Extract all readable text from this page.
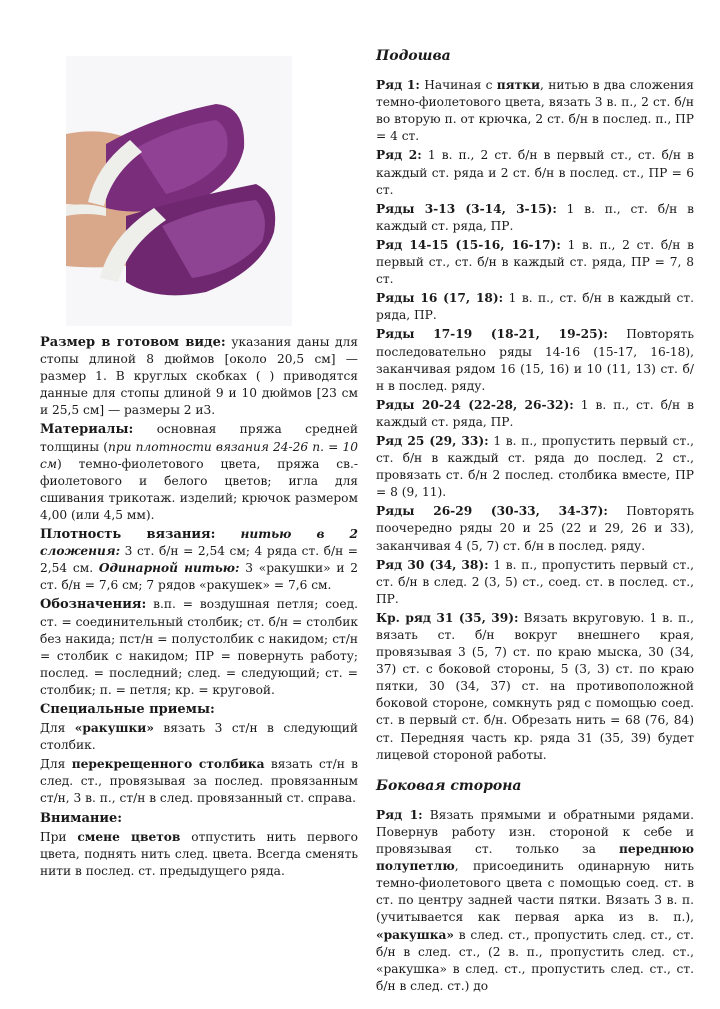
Размер в готовом виде: указания даны для стопы длиной 8 дюймов [около 20,5 см] — размер 1. В круглых скобках ( ) приводятся данные для стопы длиной 9 и 10 дюймов [23 см и 25,5 см] — размеры 2 и3.

Материалы: основная пряжа средней толщины (при плотности вязания 24-26 п. = 10 см) темно-фиолетового цвета, пряжа св.-фиолетового и белого цветов; игла для сшивания трикотаж. изделий; крючок размером 4,00 (или 4,5 мм).

Плотность вязания: нитью в 2 сложения: 3 ст. б/н = 2,54 см; 4 ряда ст. б/н = 2,54 см. Одинарной нитью: 3 «ракушки» и 2 ст. б/н = 7,6 см; 7 рядов «ракушек» = 7,6 см.

Обозначения: в.п. = воздушная петля; соед. ст. = соединительный столбик; ст. б/н = столбик без накида; пст/н = полустолбик с накидом; ст/н = столбик с накидом; ПР = повернуть работу; послед. = последний; след. = следующий; ст. = столбик; п. = петля; кр. = круговой.

Специальные приемы:

Для «ракушки» вязать 3 ст/н в следующий столбик.

Для перекрещенного столбика вязать ст/н в след. ст., провязывая за послед. провязанным ст/н, 3 в. п., ст/н в след. провязанный ст. справа.

Внимание:

При смене цветов отпустить нить первого цвета, поднять нить след. цвета. Всегда сменять нити в послед. ст. предыдущего ряда.

Подошва

Ряд 1: Начиная с пятки, нитью в два сложения темно-фиолетового цвета, вязать 3 в. п., 2 ст. б/н во вторую п. от крючка, 2 ст. б/н в послед. п., ПР = 4 ст.

Ряд 2: 1 в. п., 2 ст. б/н в первый ст., ст. б/н в каждый ст. ряда и 2 ст. б/н в послед. ст., ПР = 6 ст.

Ряды 3-13 (3-14, 3-15): 1 в. п., ст. б/н в каждый ст. ряда, ПР.

Ряд 14-15 (15-16, 16-17): 1 в. п., 2 ст. б/н в первый ст., ст. б/н в каждый ст. ряда, ПР = 7, 8 ст.

Ряды 16 (17, 18): 1 в. п., ст. б/н в каждый ст. ряда, ПР.

Ряды 17-19 (18-21, 19-25): Повторять последовательно ряды 14-16 (15-17, 16-18), заканчивая рядом 16 (15, 16) и 10 (11, 13) ст. б/н в послед. ряду.

Ряды 20-24 (22-28, 26-32): 1 в. п., ст. б/н в каждый ст. ряда, ПР.

Ряд 25 (29, 33): 1 в. п., пропустить первый ст., ст. б/н в каждый ст. ряда до послед. 2 ст., провязать ст. б/н 2 послед. столбика вместе, ПР = 8 (9, 11).

Ряды 26-29 (30-33, 34-37): Повторять поочередно ряды 20 и 25 (22 и 29, 26 и 33), заканчивая 4 (5, 7) ст. б/н в послед. ряду.

Ряд 30 (34, 38): 1 в. п., пропустить первый ст., ст. б/н в след. 2 (3, 5) ст., соед. ст. в послед. ст., ПР.

Кр. ряд 31 (35, 39): Вязать вкруговую. 1 в. п., вязать ст. б/н вокруг внешнего края, провязывая 3 (5, 7) ст. по краю мыска, 30 (34, 37) ст. с боковой стороны, 5 (3, 3) ст. по краю пятки, 30 (34, 37) ст. на противоположной боковой стороне, сомкнуть ряд с помощью соед. ст. в первый ст. б/н. Обрезать нить = 68 (76, 84) ст. Передняя часть кр. ряда 31 (35, 39) будет лицевой стороной работы.

Боковая сторона

Ряд 1: Вязать прямыми и обратными рядами. Повернув работу изн. стороной к себе и провязывая ст. только за переднюю полупетлю, присоединить одинарную нить темно-фиолетового цвета с помощью соед. ст. в ст. по центру задней части пятки. Вязать 3 в. п. (учитывается как первая арка из в. п.), «ракушка» в след. ст., пропустить след. ст., ст. б/н в след. ст., (2 в. п., пропустить след. ст., «ракушка» в след. ст., пропустить след. ст., ст. б/н в след. ст.) до
